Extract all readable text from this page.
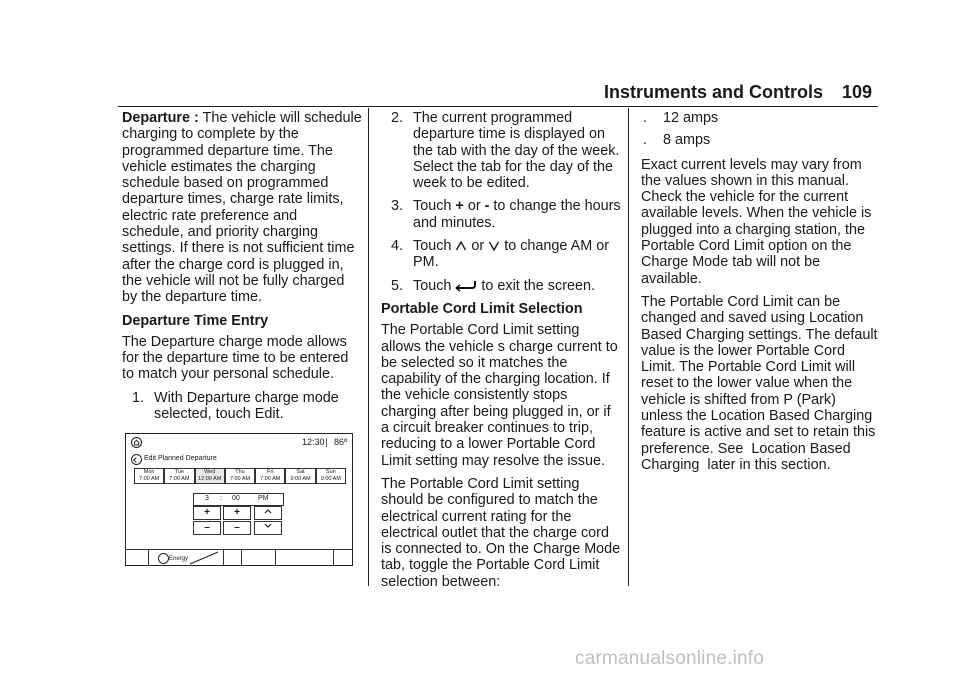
Instruments and Controls 109

Departure : The vehicle will schedule charging to complete by the programmed departure time. The vehicle estimates the charging schedule based on programmed departure times, charge rate limits, electric rate preference and schedule, and priority charging settings. If there is not sufficient time after the charge cord is plugged in, the vehicle will not be fully charged by the departure time.

Departure Time Entry

The Departure charge mode allows for the departure time to be entered to match your personal schedule.

1. With Departure charge mode selected, touch Edit.
12:30 86º
Edit Planned Departure
Mon
7:00 AM
Tue
7:00 AM
Wed
12:00 AM
Thu
7:00 AM
Fri
7:00 AM
Sat
9:00 AM
Sun
9:00 AM
3 : 00	PM
+	+
–	–
Energy
2. The current programmed departure time is displayed on the tab with the day of the week. Select the tab for the day of the week to be edited.
3. Touch + or - to change the hours and minutes.
4. Touch or to change AM or PM.
5. Touch to exit the screen.
Portable Cord Limit Selection

The Portable Cord Limit setting allows the vehicle s charge current to be selected so it matches the capability of the charging location. If the vehicle consistently stops charging after being plugged in, or if a circuit breaker continues to trip, reducing to a lower Portable Cord Limit setting may resolve the issue.

The Portable Cord Limit setting should be configured to match the electrical current rating for the electrical outlet that the charge cord is connected to. On the Charge Mode tab, toggle the Portable Cord Limit selection between:

. 12 amps
. 8 amps

Exact current levels may vary from the values shown in this manual. Check the vehicle for the current available levels. When the vehicle is plugged into a charging station, the Portable Cord Limit option on the Charge Mode tab will not be available.

The Portable Cord Limit can be changed and saved using Location Based Charging settings. The default value is the lower Portable Cord Limit. The Portable Cord Limit will reset to the lower value when the vehicle is shifted from P (Park) unless the Location Based Charging feature is active and set to retain this preference. See  Location Based Charging  later in this section.

carmanualsonline.info
